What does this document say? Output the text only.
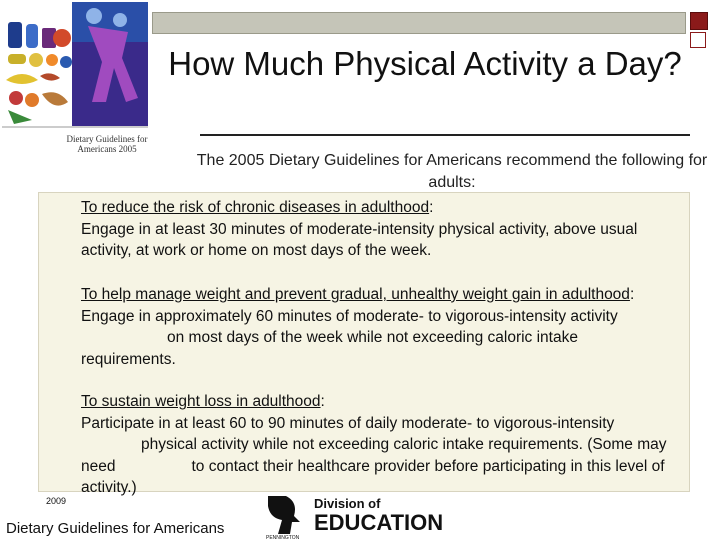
Dietary Guidelines for Americans 2005
How Much Physical Activity a Day?
The 2005 Dietary Guidelines for Americans recommend the following for adults:
To reduce the risk of chronic diseases in adulthood:
Engage in at least 30 minutes of moderate-intensity physical activity, above usual activity, at work or home on most days of the week.
To help manage weight and prevent gradual, unhealthy weight gain in adulthood: Engage in approximately 60 minutes of moderate- to vigorous-intensity activityon most days of the week while not exceeding caloric intake requirements.
To sustain weight loss in adulthood:
Participate in at least 60 to 90 minutes of daily moderate- to vigorous-intensityphysical activity while not exceeding caloric intake requirements. (Some may need	to contact their healthcare provider before participating in this level of activity.)
2009
Dietary Guidelines for Americans
Division of
EDUCATION
PENNINGTON
